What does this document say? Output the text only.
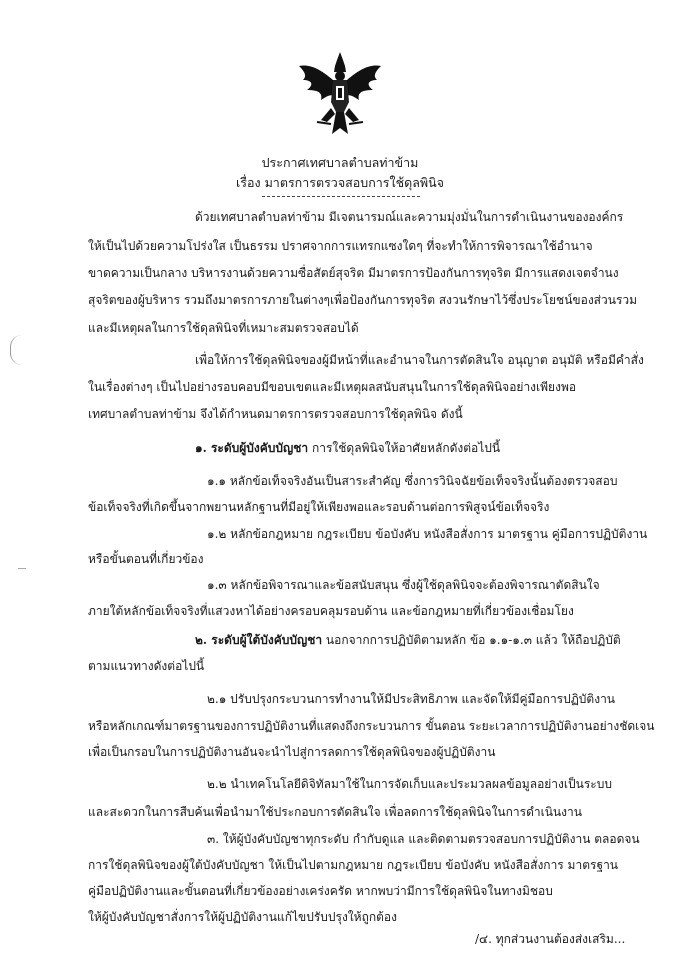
ประกาศเทศบาลตำบลท่าข้าม
เรื่อง มาตรการตรวจสอบการใช้ดุลพินิจ
ด้วยเทศบาลตำบลท่าข้าม มีเจตนารมณ์และความมุ่งมั่นในการดำเนินงานขององค์กร
ให้เป็นไปด้วยความโปร่งใส เป็นธรรม ปราศจากการแทรกแซงใดๆ ที่จะทำให้การพิจารณาใช้อำนาจ
ขาดความเป็นกลาง บริหารงานด้วยความซื่อสัตย์สุจริต มีมาตรการป้องกันการทุจริต มีการแสดงเจตจำนง
สุจริตของผู้บริหาร รวมถึงมาตรการภายในต่างๆเพื่อป้องกันการทุจริต สงวนรักษาไว้ซึ่งประโยชน์ของส่วนรวม
และมีเหตุผลในการใช้ดุลพินิจที่เหมาะสมตรวจสอบได้
เพื่อให้การใช้ดุลพินิจของผู้มีหน้าที่และอำนาจในการตัดสินใจ อนุญาต อนุมัติ หรือมีคำสั่ง
ในเรื่องต่างๆ เป็นไปอย่างรอบคอบมีขอบเขตและมีเหตุผลสนับสนุนในการใช้ดุลพินิจอย่างเพียงพอ
เทศบาลตำบลท่าข้าม จึงได้กำหนดมาตรการตรวจสอบการใช้ดุลพินิจ ดังนี้
๑. ระดับผู้บังคับบัญชา การใช้ดุลพินิจให้อาศัยหลักดังต่อไปนี้
๑.๑ หลักข้อเท็จจริงอันเป็นสาระสำคัญ ซึ่งการวินิจฉัยข้อเท็จจริงนั้นต้องตรวจสอบ
ข้อเท็จจริงที่เกิดขึ้นจากพยานหลักฐานที่มีอยู่ให้เพียงพอและรอบด้านต่อการพิสูจน์ข้อเท็จจริง
๑.๒ หลักข้อกฎหมาย กฎระเบียบ ข้อบังคับ หนังสือสั่งการ มาตรฐาน คู่มือการปฏิบัติงาน
หรือขั้นตอนที่เกี่ยวข้อง
๑.๓ หลักข้อพิจารณาและข้อสนับสนุน ซึ่งผู้ใช้ดุลพินิจจะต้องพิจารณาตัดสินใจ
ภายใต้หลักข้อเท็จจริงที่แสวงหาได้อย่างครอบคลุมรอบด้าน และข้อกฎหมายที่เกี่ยวข้องเชื่อมโยง
๒. ระดับผู้ใต้บังคับบัญชา นอกจากการปฏิบัติตามหลัก ข้อ ๑.๑-๑.๓ แล้ว ให้ถือปฏิบัติ
ตามแนวทางดังต่อไปนี้
๒.๑ ปรับปรุงกระบวนการทำงานให้มีประสิทธิภาพ และจัดให้มีคู่มือการปฏิบัติงาน
หรือหลักเกณฑ์มาตรฐานของการปฏิบัติงานที่แสดงถึงกระบวนการ ขั้นตอน ระยะเวลาการปฏิบัติงานอย่างชัดเจน
เพื่อเป็นกรอบในการปฏิบัติงานอันจะนำไปสู่การลดการใช้ดุลพินิจของผู้ปฏิบัติงาน
๒.๒ นำเทคโนโลยีดิจิทัลมาใช้ในการจัดเก็บและประมวลผลข้อมูลอย่างเป็นระบบ
และสะดวกในการสืบค้นเพื่อนำมาใช้ประกอบการตัดสินใจ เพื่อลดการใช้ดุลพินิจในการดำเนินงาน
๓. ให้ผู้บังคับบัญชาทุกระดับ กำกับดูแล และติดตามตรวจสอบการปฏิบัติงาน ตลอดจน
การใช้ดุลพินิจของผู้ใต้บังคับบัญชา ให้เป็นไปตามกฎหมาย กฎระเบียบ ข้อบังคับ หนังสือสั่งการ มาตรฐาน
คู่มือปฏิบัติงานและขั้นตอนที่เกี่ยวข้องอย่างเคร่งครัด หากพบว่ามีการใช้ดุลพินิจในทางมิชอบ
ให้ผู้บังคับบัญชาสั่งการให้ผู้ปฏิบัติงานแก้ไขปรับปรุงให้ถูกต้อง
/๔. ทุกส่วนงานต้องส่งเสริม...
